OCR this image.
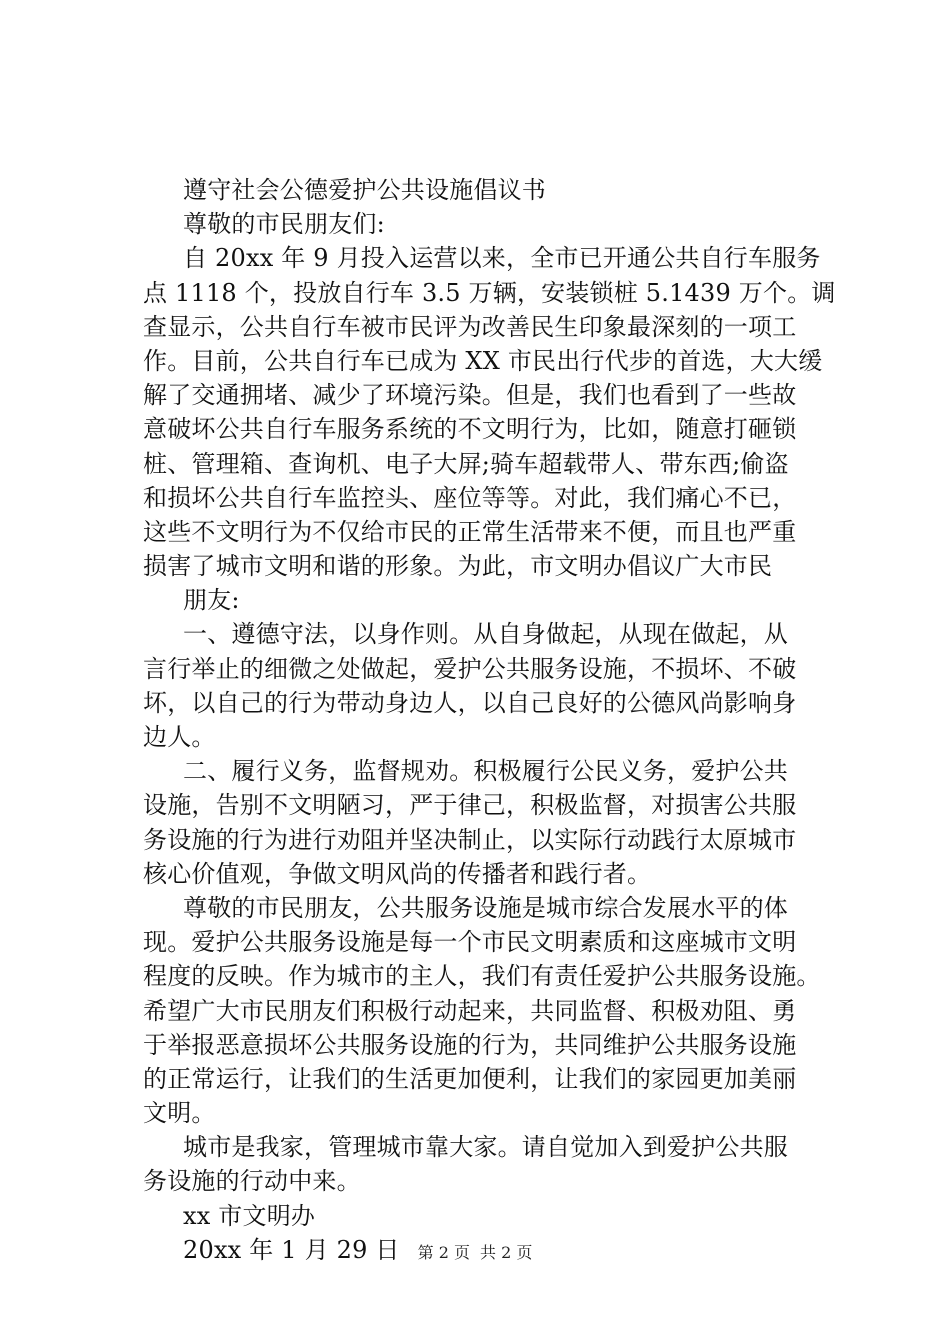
遵守社会公德爱护公共设施倡议书
尊敬的市民朋友们:
自 20xx 年 9 月投入运营以来，全市已开通公共自行车服务
点 1118 个，投放自行车 3.5 万辆，安装锁桩 5.1439 万个。调
查显示，公共自行车被市民评为改善民生印象最深刻的一项工
作。目前，公共自行车已成为 XX 市民出行代步的首选，大大缓
解了交通拥堵、减少了环境污染。但是，我们也看到了一些故
意破坏公共自行车服务系统的不文明行为，比如，随意打砸锁
桩、管理箱、查询机、电子大屏;骑车超载带人、带东西;偷盗
和损坏公共自行车监控头、座位等等。对此，我们痛心不已，
这些不文明行为不仅给市民的正常生活带来不便，而且也严重
损害了城市文明和谐的形象。为此，市文明办倡议广大市民
朋友:
一、遵德守法，以身作则。从自身做起，从现在做起，从
言行举止的细微之处做起，爱护公共服务设施，不损坏、不破
坏，以自己的行为带动身边人，以自己良好的公德风尚影响身
边人。
二、履行义务，监督规劝。积极履行公民义务，爱护公共
设施，告别不文明陋习，严于律己，积极监督，对损害公共服
务设施的行为进行劝阻并坚决制止，以实际行动践行太原城市
核心价值观，争做文明风尚的传播者和践行者。
尊敬的市民朋友，公共服务设施是城市综合发展水平的体
现。爱护公共服务设施是每一个市民文明素质和这座城市文明
程度的反映。作为城市的主人，我们有责任爱护公共服务设施。
希望广大市民朋友们积极行动起来，共同监督、积极劝阻、勇
于举报恶意损坏公共服务设施的行为，共同维护公共服务设施
的正常运行，让我们的生活更加便利，让我们的家园更加美丽
文明。
城市是我家，管理城市靠大家。请自觉加入到爱护公共服
务设施的行动中来。
xx 市文明办
20xx 年 1 月 29 日	第 2 页 共 2 页
